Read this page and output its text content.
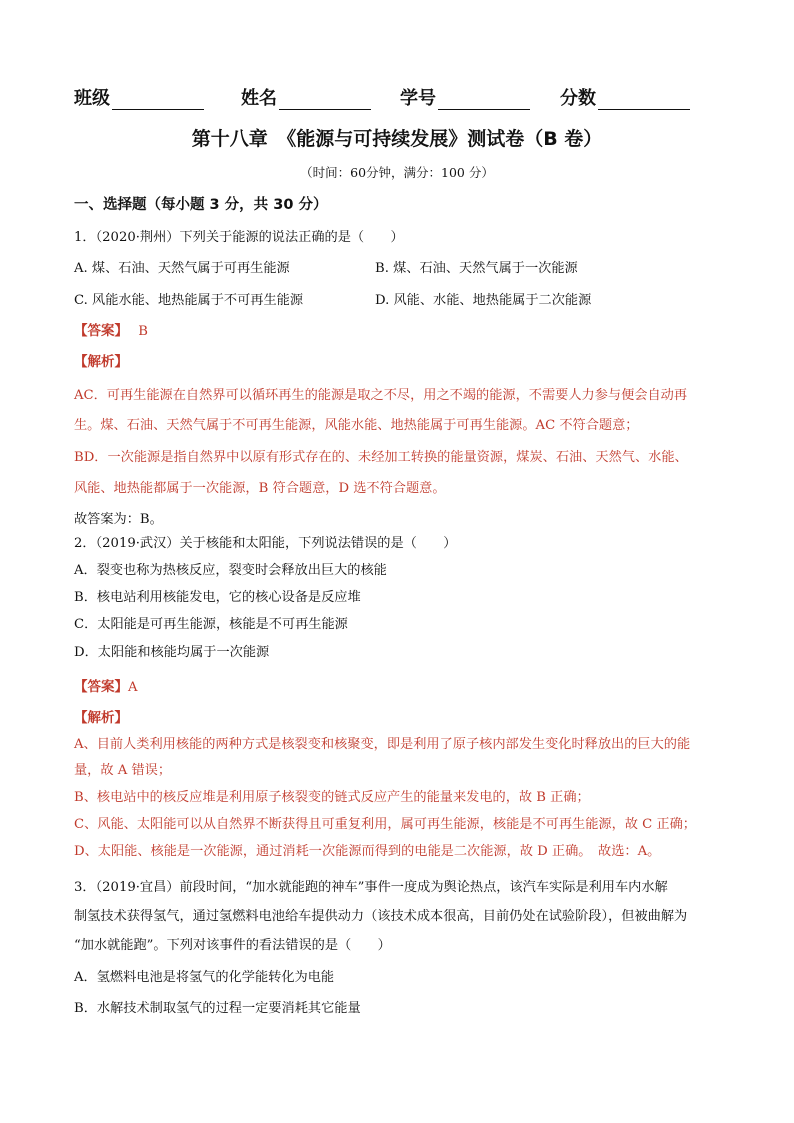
班级	姓名	学号	分数
第十八章　《能源与可持续发展》测试卷（B 卷）
（时间：60分钟，满分：100 分）
一、选择题（每小题 3 分，共 30 分）
1．（2020·荆州）下列关于能源的说法正确的是（　　）
A. 煤、石油、天然气属于可再生能源	B. 煤、石油、天然气属于一次能源
C. 风能水能、地热能属于不可再生能源	D. 风能、水能、地热能属于二次能源
【答案】 B
【解析】
AC．可再生能源在自然界可以循环再生的能源是取之不尽，用之不竭的能源，不需要人力参与便会自动再
生。煤、石油、天然气属于不可再生能源，风能水能、地热能属于可再生能源。AC 不符合题意；
BD．一次能源是指自然界中以原有形式存在的、未经加工转换的能量资源，煤炭、石油、天然气、水能、
风能、地热能都属于一次能源，B 符合题意，D 选不符合题意。
故答案为：B。
2．（2019·武汉）关于核能和太阳能，下列说法错误的是（　　）
A．裂变也称为热核反应，裂变时会释放出巨大的核能
B．核电站利用核能发电，它的核心设备是反应堆
C．太阳能是可再生能源，核能是不可再生能源
D．太阳能和核能均属于一次能源
【答案】A
【解析】
A、目前人类利用核能的两种方式是核裂变和核聚变，即是利用了原子核内部发生变化时释放出的巨大的能
量，故 A 错误；
B、核电站中的核反应堆是利用原子核裂变的链式反应产生的能量来发电的，故 B 正确；
C、风能、太阳能可以从自然界不断获得且可重复利用，属可再生能源，核能是不可再生能源，故 C 正确；
D、太阳能、核能是一次能源，通过消耗一次能源而得到的电能是二次能源，故 D 正确。　故选：A。
3．（2019·宜昌）前段时间，“加水就能跑的神车”事件一度成为舆论热点，该汽车实际是利用车内水解
制氢技术获得氢气，通过氢燃料电池给车提供动力（该技术成本很高，目前仍处在试验阶段），但被曲解为
“加水就能跑”。下列对该事件的看法错误的是（　　）
A．氢燃料电池是将氢气的化学能转化为电能
B．水解技术制取氢气的过程一定要消耗其它能量
